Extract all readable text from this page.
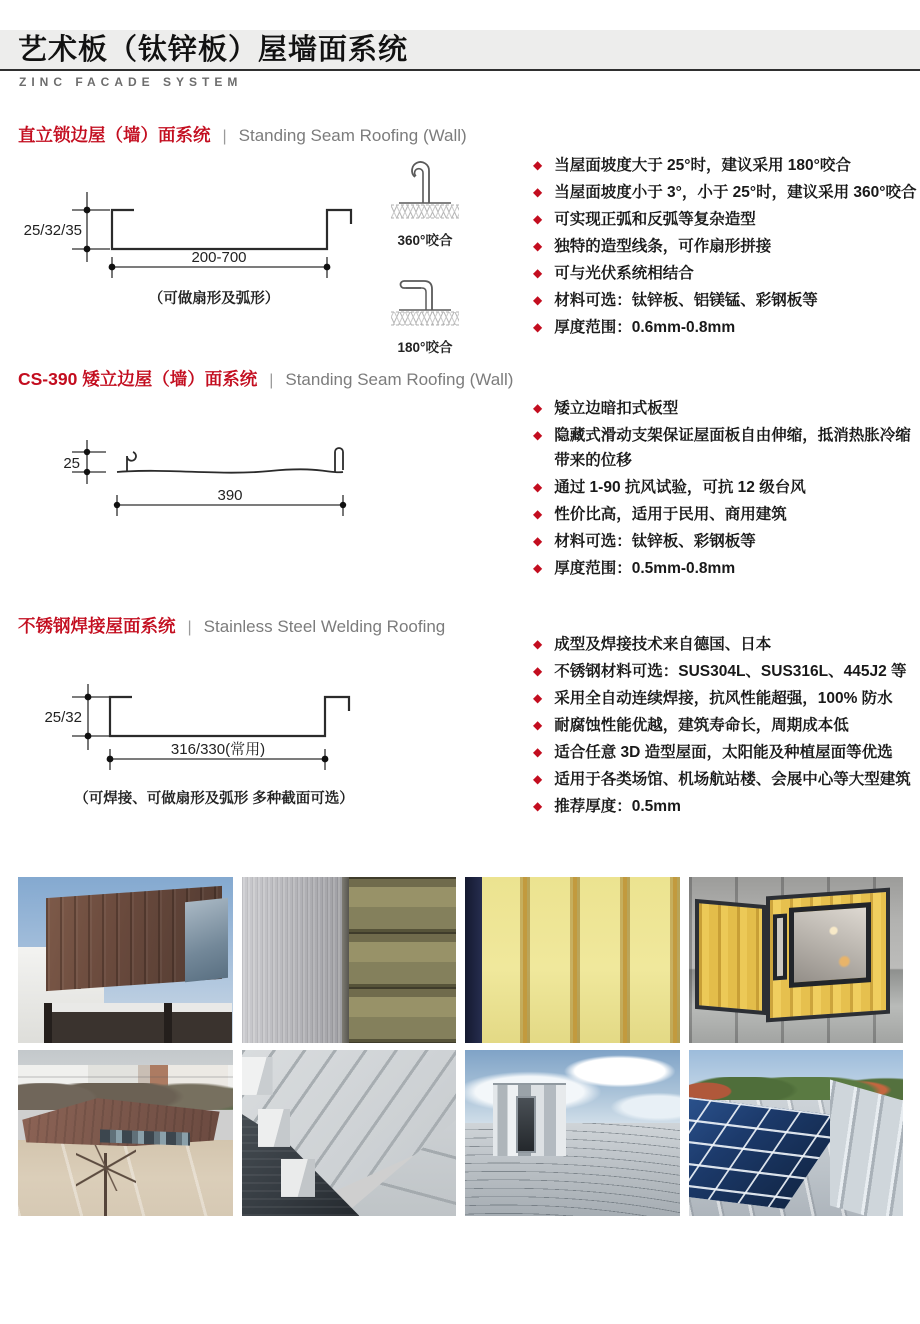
艺术板（钛锌板）屋墙面系统
ZINC FACADE SYSTEM
直立锁边屋（墙）面系统 | Standing Seam Roofing (Wall)
25/32/35
200-700
（可做扇形及弧形）
360°咬合
180°咬合
◆ 当屋面坡度大于 25°时，建议采用 180°咬合
◆ 当屋面坡度小于 3°，小于 25°时，建议采用 360°咬合
◆ 可实现正弧和反弧等复杂造型
◆ 独特的造型线条，可作扇形拼接
◆ 可与光伏系统相结合
◆ 材料可选：钛锌板、铝镁锰、彩钢板等
◆ 厚度范围：0.6mm-0.8mm
CS-390 矮立边屋（墙）面系统 | Standing Seam Roofing (Wall)
25
390
◆ 矮立边暗扣式板型
◆ 隐藏式滑动支架保证屋面板自由伸缩，抵消热胀冷缩带来的位移
◆ 通过 1-90 抗风试验，可抗 12 级台风
◆ 性价比高，适用于民用、商用建筑
◆ 材料可选：钛锌板、彩钢板等
◆ 厚度范围：0.5mm-0.8mm
不锈钢焊接屋面系统 | Stainless Steel Welding Roofing
25/32
316/330(常用)
（可焊接、可做扇形及弧形 多种截面可选）
◆ 成型及焊接技术来自德国、日本
◆ 不锈钢材料可选：SUS304L、SUS316L、445J2 等
◆ 采用全自动连续焊接，抗风性能超强，100% 防水
◆ 耐腐蚀性能优越，建筑寿命长，周期成本低
◆ 适合任意 3D 造型屋面，太阳能及种植屋面等优选
◆ 适用于各类场馆、机场航站楼、会展中心等大型建筑
◆ 推荐厚度：0.5mm
